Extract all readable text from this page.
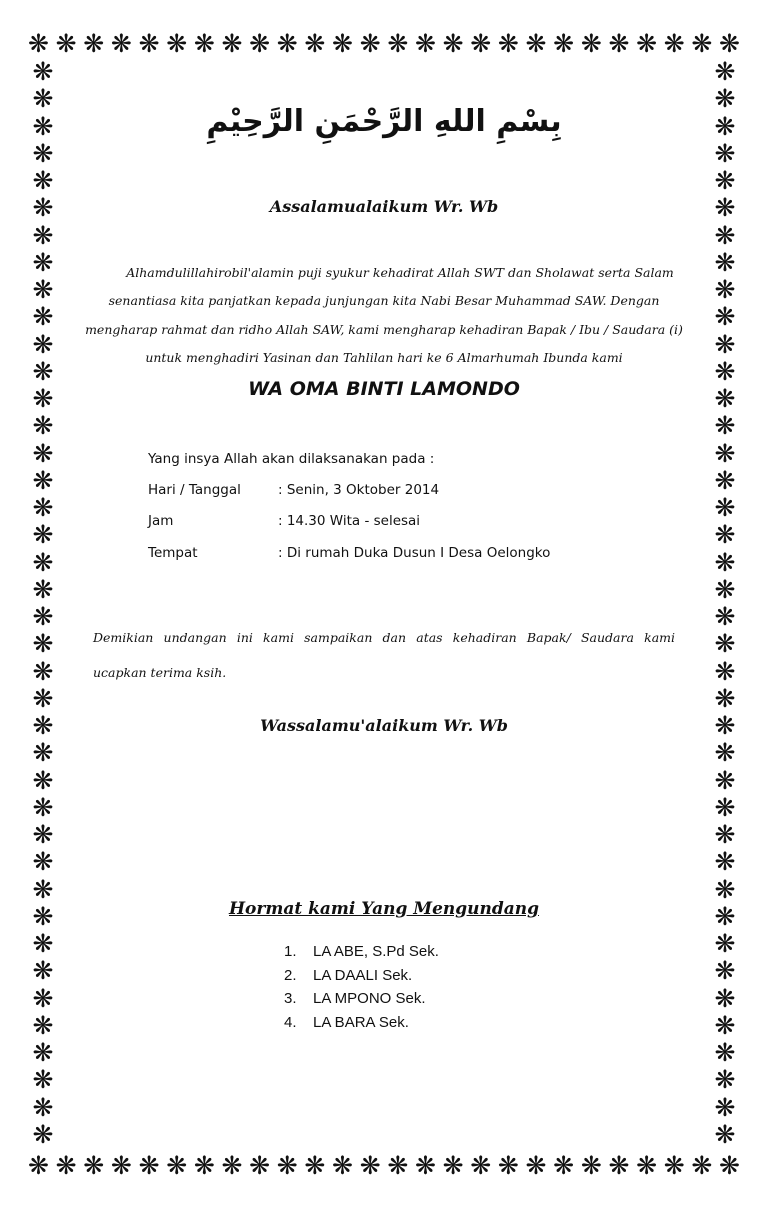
❋ ❋ ❋ ❋ ❋ ❋ ❋ ❋ ❋ ❋ ❋ ❋ ❋ ❋ ❋ ❋ ❋ ❋ ❋ ❋ ❋ ❋ ❋ ❋ ❋ ❋
❋ ❋ ❋ ❋ ❋ ❋ ❋ ❋ ❋ ❋ ❋ ❋ ❋ ❋ ❋ ❋ ❋ ❋ ❋ ❋ ❋ ❋ ❋ ❋ ❋ ❋
❋
❋
❋
❋
❋
❋
❋
❋
❋
❋
❋
❋
❋
❋
❋
❋
❋
❋
❋
❋
❋
❋
❋
❋
❋
❋
❋
❋
❋
❋
❋
❋
❋
❋
❋
❋
❋
❋
❋
❋
❋
❋
❋
❋
❋
❋
❋
❋
❋
❋
❋
❋
❋
❋
❋
❋
❋
❋
❋
❋
❋
❋
❋
❋
❋
❋
❋
❋
❋
❋
❋
❋
❋
❋
❋
❋
❋
❋
❋
❋
بِسْمِ اللهِ الرَّحْمَنِ الرَّحِيْمِ
Assalamualaikum Wr. Wb
Alhamdulillahirobil'alamin puji syukur kehadirat Allah SWT dan Sholawat serta Salam
senantiasa kita panjatkan kepada junjungan kita Nabi Besar Muhammad SAW. Dengan
mengharap rahmat dan ridho Allah SAW, kami mengharap kehadiran Bapak / Ibu / Saudara (i)
untuk menghadiri Yasinan dan Tahlilan hari ke 6 Almarhumah Ibunda kami
WA OMA BINTI LAMONDO
Yang insya Allah akan dilaksanakan pada :
Hari / Tanggal	: Senin, 3 Oktober 2014
Jam	: 14.30 Wita - selesai
Tempat	: Di rumah Duka Dusun I Desa Oelongko
Demikian undangan ini kami sampaikan dan atas kehadiran Bapak/ Saudara kami
ucapkan terima ksih.
Wassalamu'alaikum Wr. Wb
Hormat kami Yang Mengundang
1. LA ABE, S.Pd Sek.
2. LA DAALI Sek.
3. LA MPONO Sek.
4. LA BARA Sek.
